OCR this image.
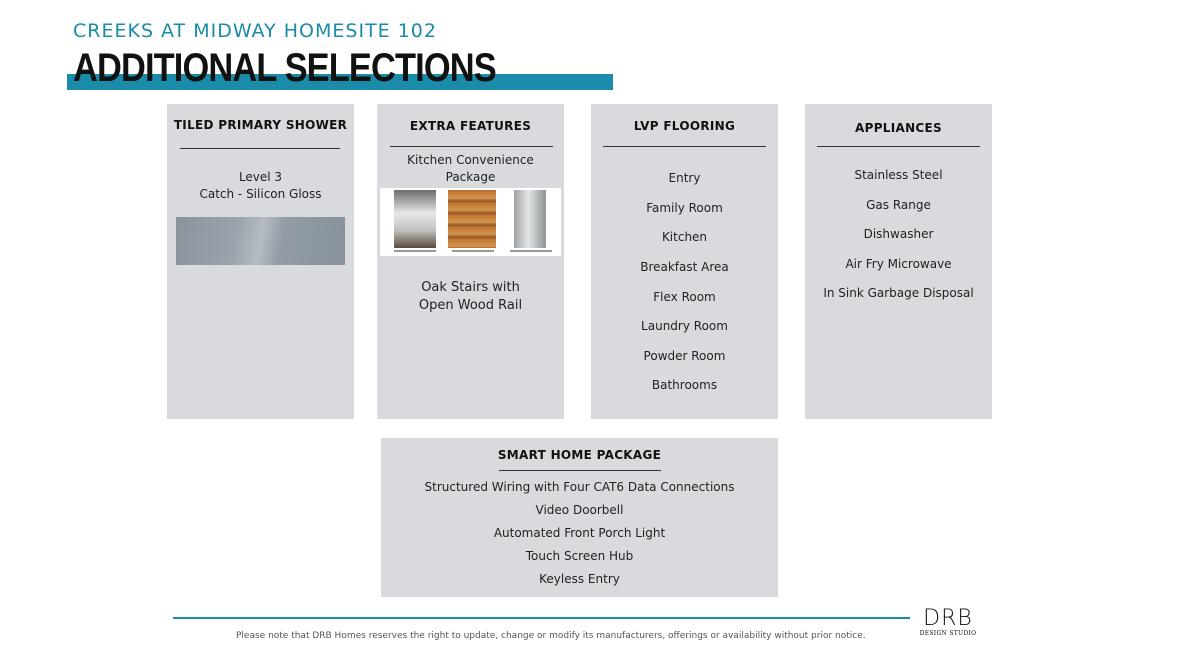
CREEKS AT MIDWAY HOMESITE 102
ADDITIONAL SELECTIONS
TILED PRIMARY SHOWER
Level 3
Catch - Silicon Gloss
EXTRA FEATURES
Kitchen Convenience
Package
Oak Stairs with
Open Wood Rail
LVP FLOORING
Entry
Family Room
Kitchen
Breakfast Area
Flex Room
Laundry Room
Powder Room
Bathrooms
APPLIANCES
Stainless Steel
Gas Range
Dishwasher
Air Fry Microwave
In Sink Garbage Disposal
SMART HOME PACKAGE
Structured Wiring with Four CAT6 Data Connections
Video Doorbell
Automated Front Porch Light
Touch Screen Hub
Keyless Entry
Please note that DRB Homes reserves the right to update, change or modify its manufacturers, offerings or availability without prior notice.
DRB
DESIGN STUDIO
